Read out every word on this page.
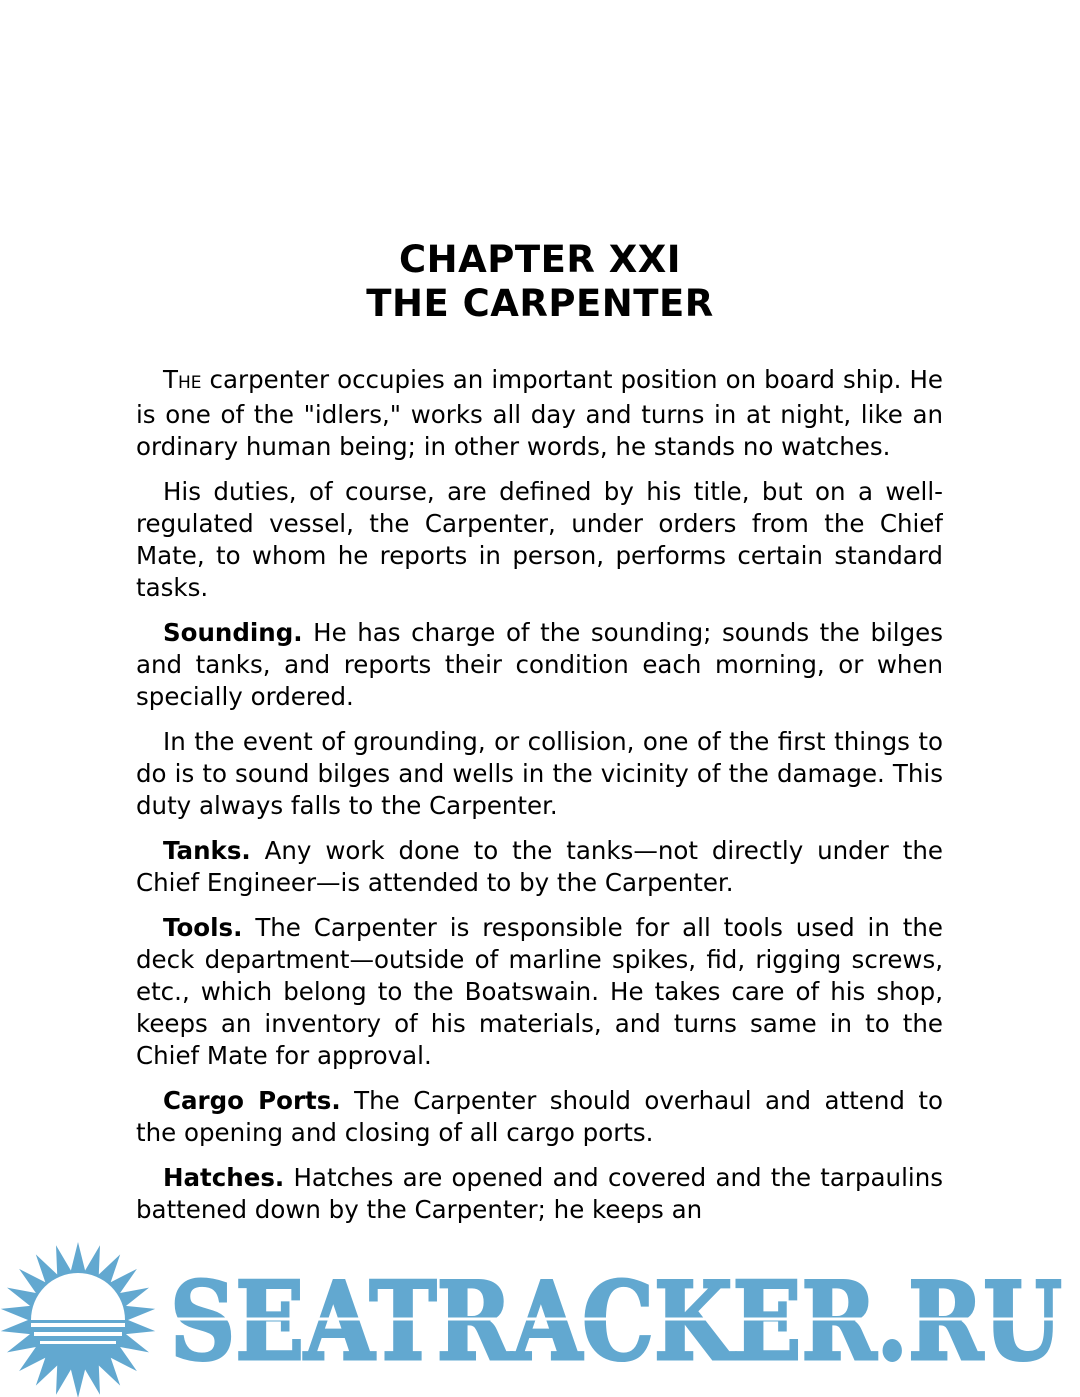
CHAPTER XXI
THE CARPENTER

THE carpenter occupies an important position on board ship. He is one of the "idlers," works all day and turns in at night, like an ordinary human being; in other words, he stands no watches.

His duties, of course, are defined by his title, but on a well-regulated vessel, the Carpenter, under orders from the Chief Mate, to whom he reports in person, performs certain standard tasks.

Sounding. He has charge of the sounding; sounds the bilges and tanks, and reports their condition each morning, or when specially ordered.

In the event of grounding, or collision, one of the first things to do is to sound bilges and wells in the vicinity of the damage. This duty always falls to the Carpenter.

Tanks. Any work done to the tanks—not directly under the Chief Engineer—is attended to by the Carpenter.

Tools. The Carpenter is responsible for all tools used in the deck department—outside of marline spikes, fid, rigging screws, etc., which belong to the Boatswain. He takes care of his shop, keeps an inventory of his materials, and turns same in to the Chief Mate for approval.

Cargo Ports. The Carpenter should overhaul and attend to the opening and closing of all cargo ports.

Hatches. Hatches are opened and covered and the tarpaulins battened down by the Carpenter; he keeps an

SEATRACKER.RU
